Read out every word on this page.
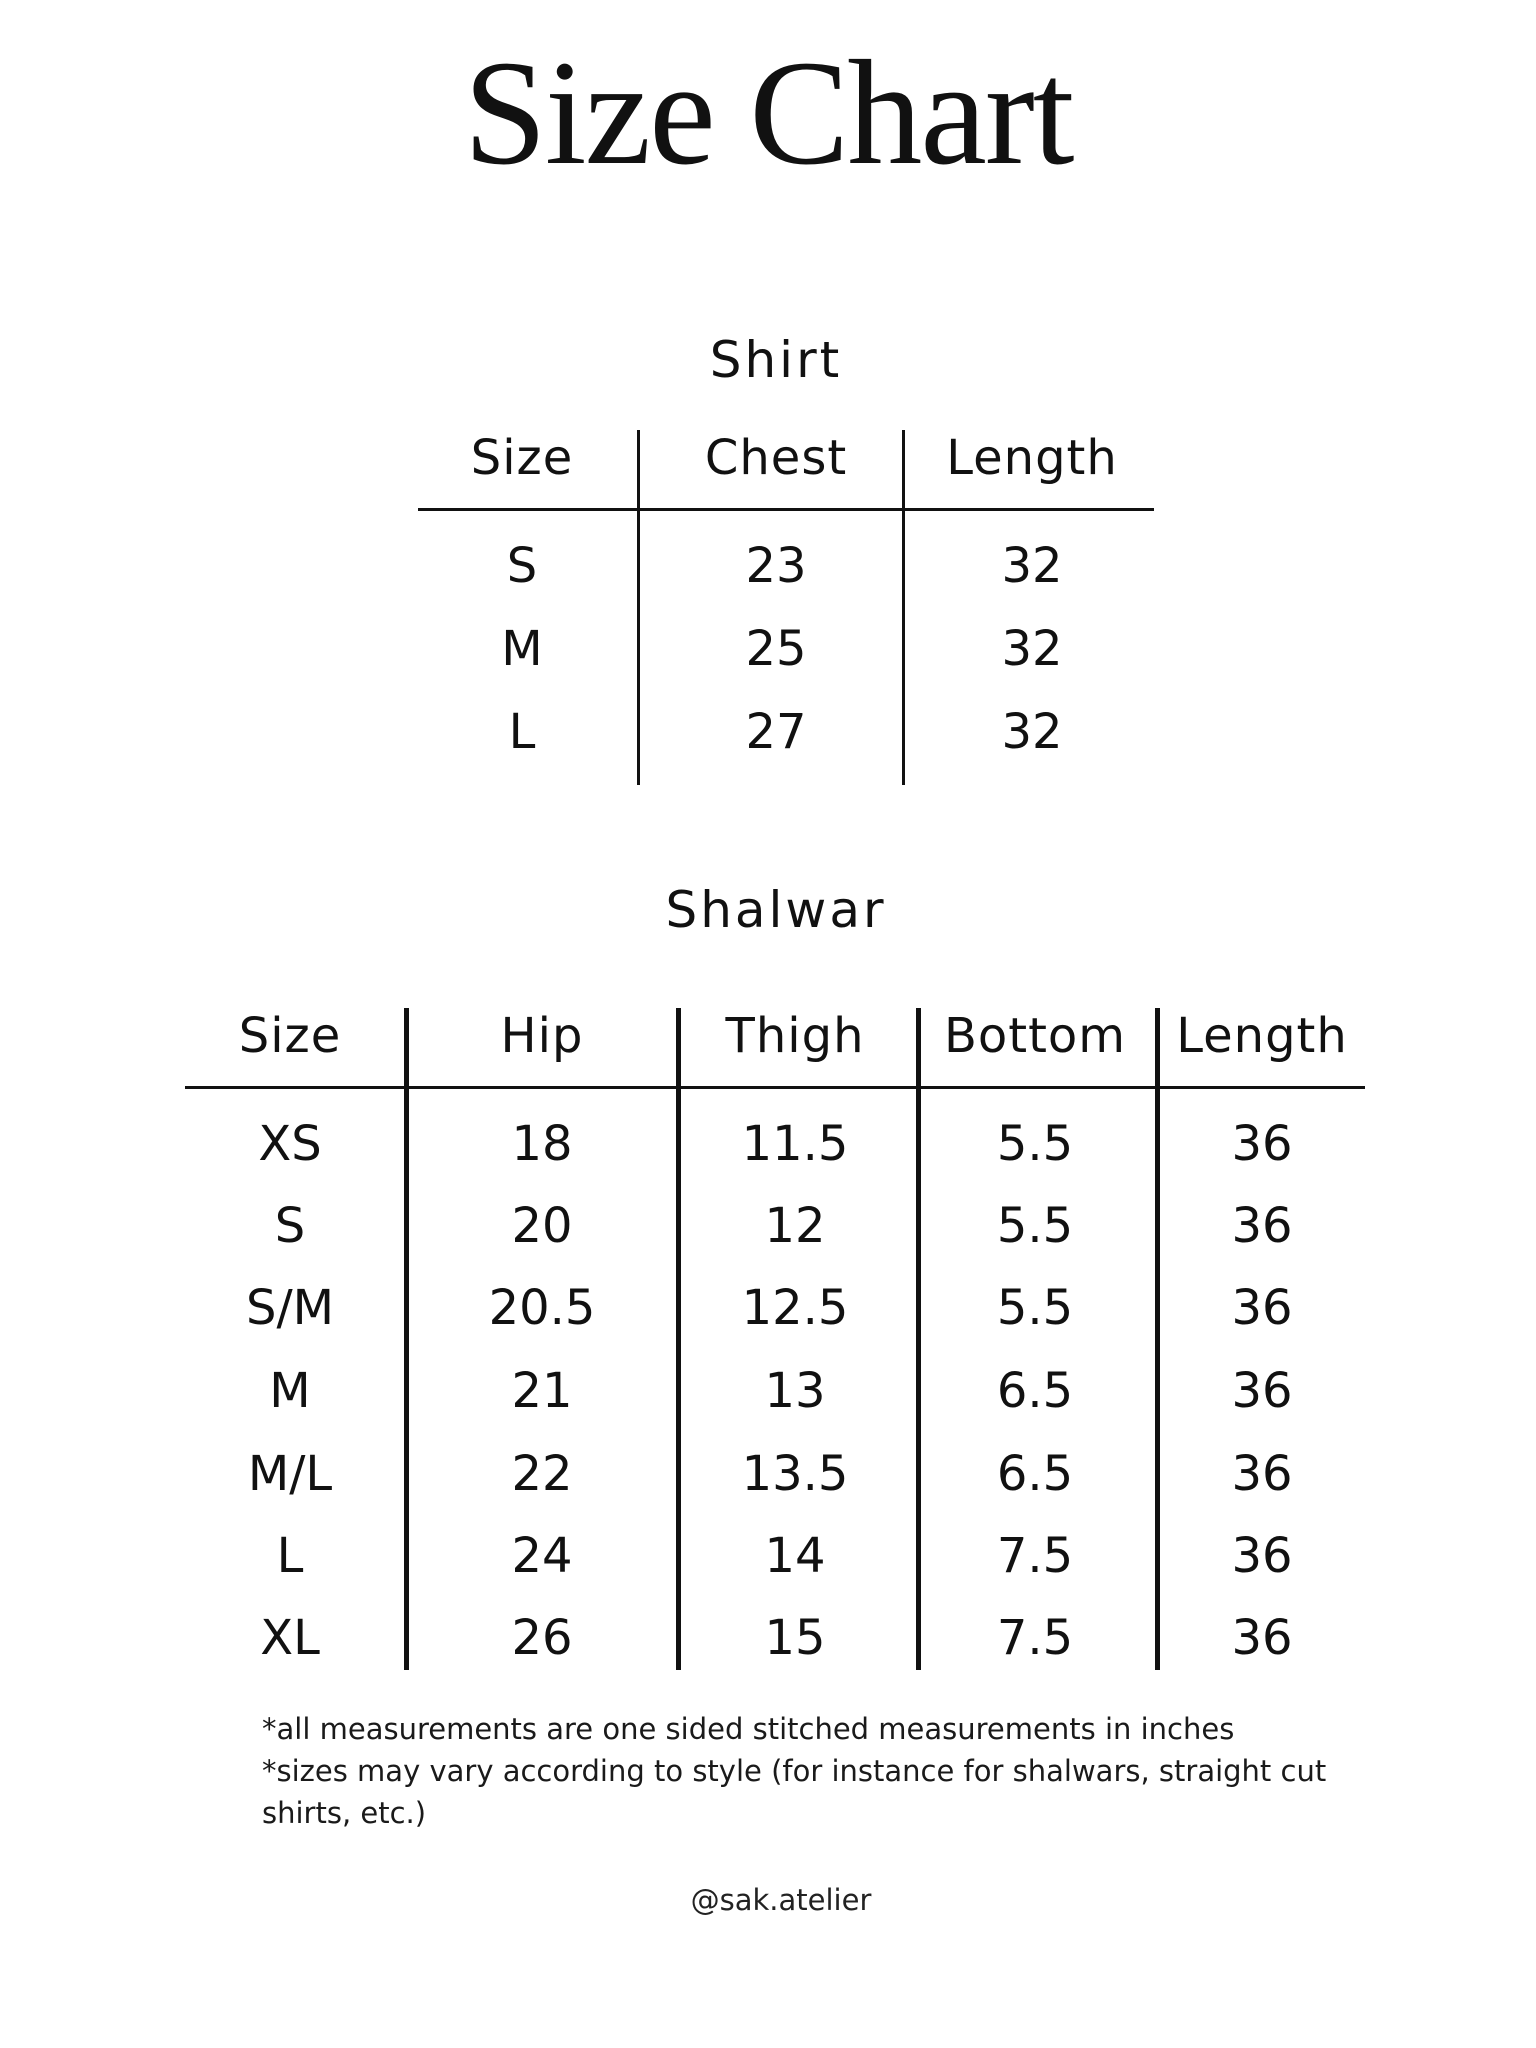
Size Chart
Shirt
Size	Chest	Length
S	23	32
M	25	32
L	27	32
Shalwar
Size	Hip	Thigh	Bottom	Length
XS	18	11.5	5.5	36
S	20	12	5.5	36
S/M	20.5	12.5	5.5	36
M	21	13	6.5	36
M/L	22	13.5	6.5	36
L	24	14	7.5	36
XL	26	15	7.5	36
*all measurements are one sided stitched measurements in inches
*sizes may vary according to style (for instance for shalwars, straight cut shirts, etc.)
@sak.atelier
